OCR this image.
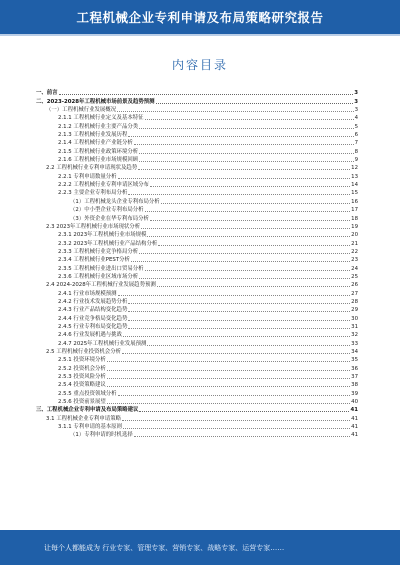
工程机械企业专利申请及布局策略研究报告
内容目录
一、前言	3
二、2023-2028年工程机械市场前景及趋势预测	3
（一）工程机械行业发展概况	3
2.1.1 工程机械行业定义及基本特征	4
2.1.2 工程机械行业主要产品分类	5
2.1.3 工程机械行业发展历程	6
2.1.4 工程机械行业产业链分析	7
2.1.5 工程机械行业政策环境分析	8
2.1.6 工程机械行业市场规模回顾	9
2.2 工程机械行业专利申请现状及趋势	12
2.2.1 专利申请数量分析	13
2.2.2 工程机械行业专利申请区域分布	14
2.2.3 主要企业专利布局分析	15
（1）工程机械龙头企业专利布局分析	16
（2）中小型企业专利布局分析	17
（3）外资企业在华专利布局分析	18
2.3 2023年工程机械行业市场现状分析	19
2.3.1 2023年工程机械行业市场规模	20
2.3.2 2023年工程机械行业产品结构分析	21
2.3.3 工程机械行业竞争格局分析	22
2.3.4 工程机械行业PEST分析	23
2.3.5 工程机械行业进出口贸易分析	24
2.3.6 工程机械行业区域市场分析	25
2.4 2024-2028年工程机械行业发展趋势预测	26
2.4.1 行业市场规模预测	27
2.4.2 行业技术发展趋势分析	28
2.4.3 行业产品结构变化趋势	29
2.4.4 行业竞争格局变化趋势	30
2.4.5 行业专利布局变化趋势	31
2.4.6 行业发展机遇与挑战	32
2.4.7 2025年工程机械行业发展预测	33
2.5 工程机械行业投资机会分析	34
2.5.1 投资环境分析	35
2.5.2 投资机会分析	36
2.5.3 投资风险分析	37
2.5.4 投资策略建议	38
2.5.5 重点投资领域分析	39
2.5.6 投资前景展望	40
三、工程机械企业专利申请及布局策略建议	41
3.1 工程机械企业专利申请策略	41
3.1.1 专利申请的基本原则	41
（1）专利申请的时机选择	41
让每个人都能成为 行业专家、管理专家、营销专家、战略专家、运营专家……
